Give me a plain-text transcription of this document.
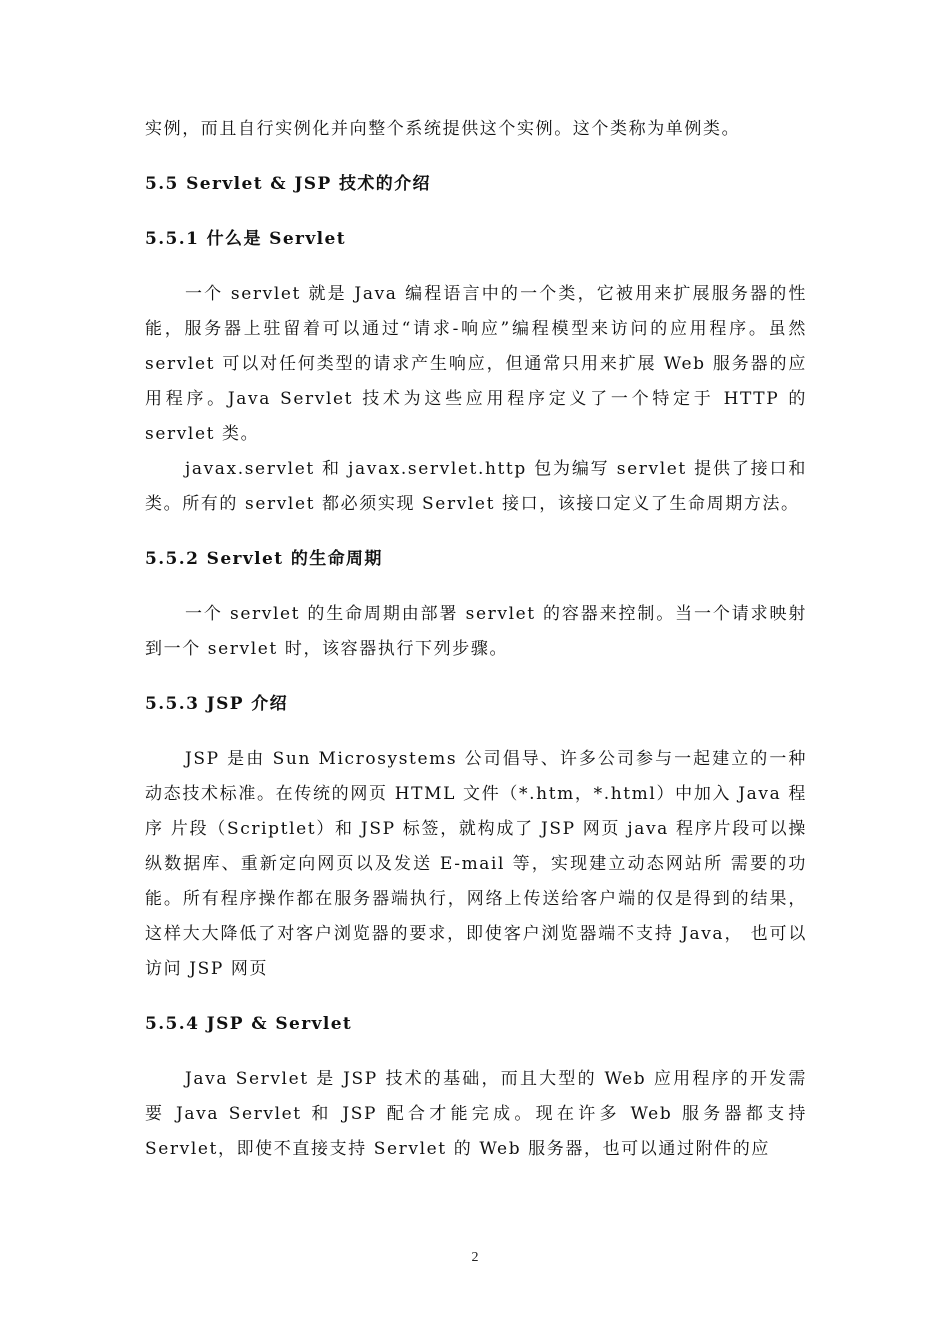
实例，而且自行实例化并向整个系统提供这个实例。这个类称为单例类。

5.5 Servlet & JSP 技术的介绍
5.5.1 什么是 Servlet

一个 servlet 就是 Java 编程语言中的一个类，它被用来扩展服务器的性能，服务器上驻留着可以通过“请求-响应”编程模型来访问的应用程序。虽然 servlet 可以对任何类型的请求产生响应，但通常只用来扩展 Web 服务器的应用程序。Java Servlet 技术为这些应用程序定义了一个特定于 HTTP 的 servlet 类。

javax.servlet 和 javax.servlet.http 包为编写 servlet 提供了接口和类。所有的 servlet 都必须实现 Servlet 接口，该接口定义了生命周期方法。

5.5.2 Servlet 的生命周期

一个 servlet 的生命周期由部署 servlet 的容器来控制。当一个请求映射到一个 servlet 时，该容器执行下列步骤。

5.5.3 JSP 介绍

JSP 是由 Sun Microsystems 公司倡导、许多公司参与一起建立的一种动态技术标准。在传统的网页 HTML 文件（*.htm，*.html）中加入 Java 程序 片段（Scriptlet）和 JSP 标签，就构成了 JSP 网页 java 程序片段可以操纵数据库、重新定向网页以及发送 E-mail 等，实现建立动态网站所 需要的功能。所有程序操作都在服务器端执行，网络上传送给客户端的仅是得到的结果，这样大大降低了对客户浏览器的要求，即使客户浏览器端不支持 Java， 也可以访问 JSP 网页

5.5.4 JSP & Servlet

Java Servlet 是 JSP 技术的基础，而且大型的 Web 应用程序的开发需要 Java Servlet 和 JSP 配合才能完成。现在许多 Web 服务器都支持 Servlet，即使不直接支持 Servlet 的 Web 服务器，也可以通过附件的应

2
